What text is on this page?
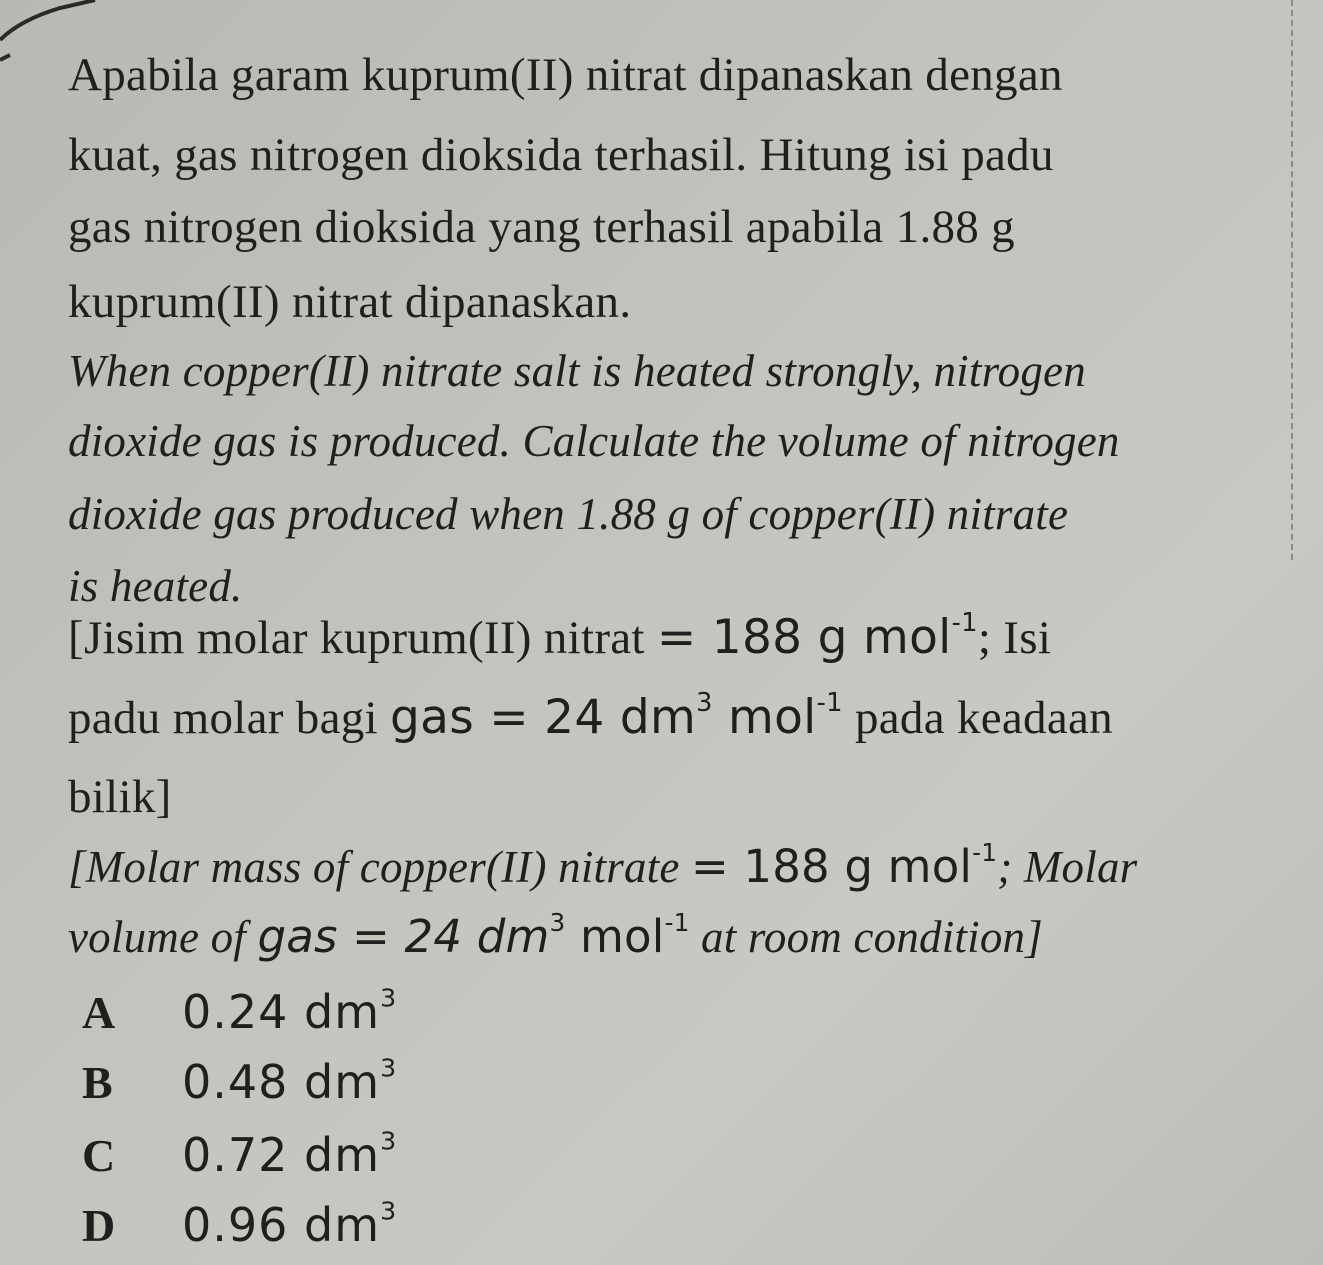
Apabila garam kuprum(II) nitrat dipanaskan dengan
kuat, gas nitrogen dioksida terhasil. Hitung isi padu
gas nitrogen dioksida yang terhasil apabila 1.88 g
kuprum(II) nitrat dipanaskan.
When copper(II) nitrate salt is heated strongly, nitrogen
dioxide gas is produced. Calculate the volume of nitrogen
dioxide gas produced when 1.88 g of copper(II) nitrate
is heated.
[Jisim molar kuprum(II) nitrat = 188 g mol$^{-1}$; Isi
padu molar bagi gas = 24 $dm^3$ mol$^{-1}$ pada keadaan
bilik]
[Molar mass of copper(II) nitrate = 188 g mol$^{-1}$; Molar
volume of gas = 24 $dm^3$ mol$^{-1}$ at room condition]
A 0.24 $dm^3$
B 0.48 $dm^3$
C 0.72 $dm^3$
D 0.96 $dm^3$
